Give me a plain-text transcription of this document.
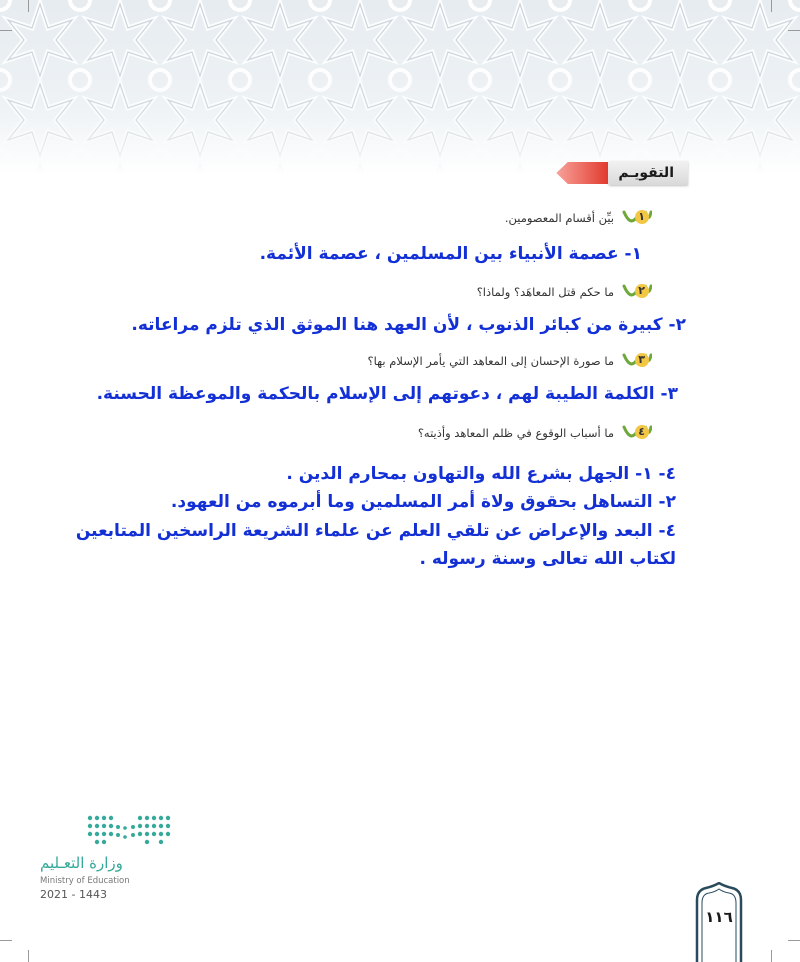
التقويـم
١
بيِّن أقسام المعصومين.
١- عصمة الأنبياء بين المسلمين ، عصمة الأئمة.
٢
ما حكم قتل المعاهَد؟ ولماذا؟
٢- كبيرة من كبائر الذنوب ، لأن العهد هنا الموثق الذي تلزم مراعاته.
٣
ما صورة الإحسان إلى المعاهد التي يأمر الإسلام بها؟
٣- الكلمة الطيبة لهم ، دعوتهم إلى الإسلام بالحكمة والموعظة الحسنة.
٤
ما أسباب الوقوع في ظلم المعاهد وأذيته؟
٤- ١- الجهل بشرع الله والتهاون بمحارم الدين .
٢- التساهل بحقوق ولاة أمر المسلمين وما أبرموه من العهود.
٤- البعد والإعراض عن تلقي العلم عن علماء الشريعة الراسخين المتابعين
لكتاب الله تعالى وسنة رسوله .
وزارة التعـليم
Ministry of Education
2021 - 1443
١١٦
